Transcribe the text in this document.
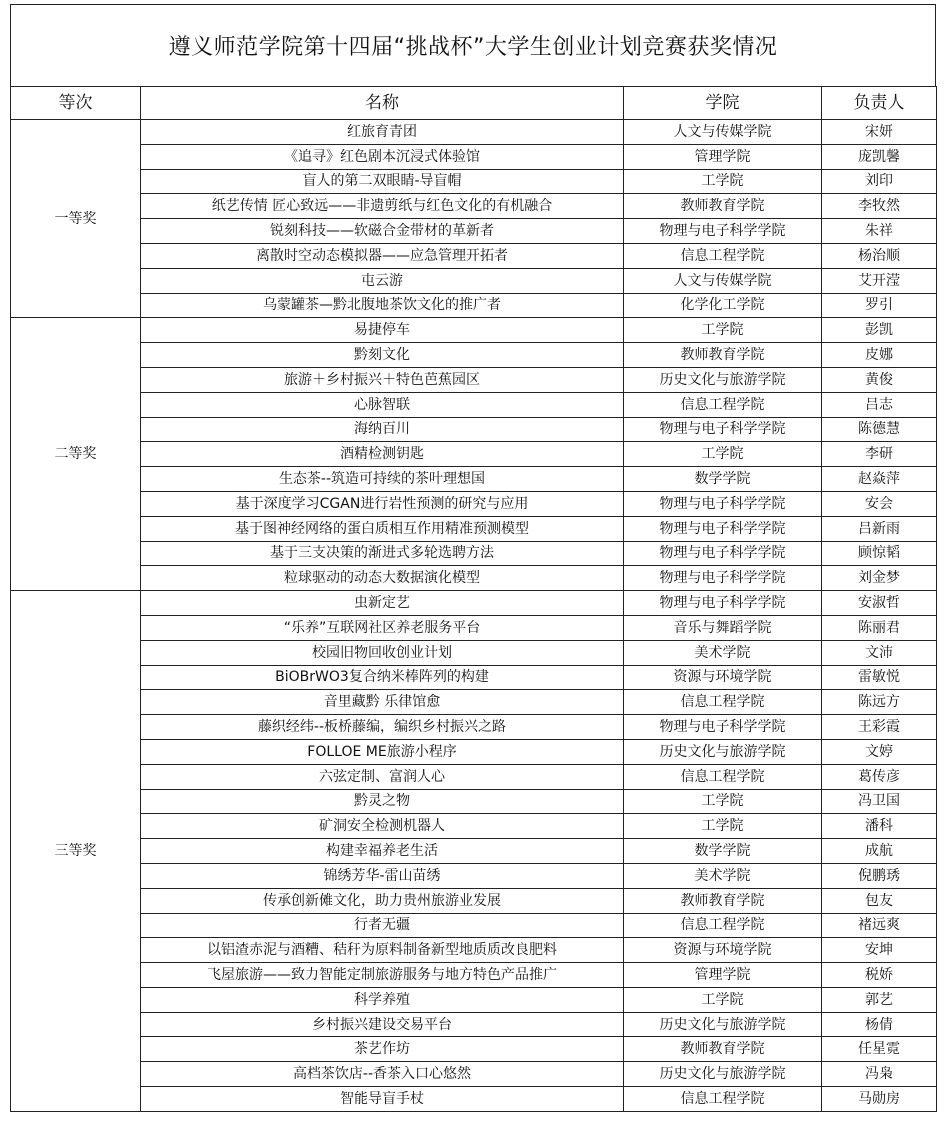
遵义师范学院第十四届“挑战杯”大学生创业计划竞赛获奖情况
等次	名称	学院	负责人
一等奖	红旅育青团	人文与传媒学院	宋妍
	《追寻》红色剧本沉浸式体验馆	管理学院	庞凯馨
	盲人的第二双眼睛-导盲帽	工学院	刘印
	纸艺传情 匠心致远——非遗剪纸与红色文化的有机融合	教师教育学院	李牧然
	锐刻科技——软磁合金带材的革新者	物理与电子科学学院	朱祥
	离散时空动态模拟器——应急管理开拓者	信息工程学院	杨治顺
	屯云游	人文与传媒学院	艾开滢
	乌蒙罐茶—黔北腹地茶饮文化的推广者	化学化工学院	罗引
二等奖	易捷停车	工学院	彭凯
	黔刻文化	教师教育学院	皮娜
	旅游＋乡村振兴＋特色芭蕉园区	历史文化与旅游学院	黄俊
	心脉智联	信息工程学院	吕志
	海纳百川	物理与电子科学学院	陈德慧
	酒精检测钥匙	工学院	李研
	生态茶--筑造可持续的茶叶理想国	数学学院	赵焱萍
	基于深度学习CGAN进行岩性预测的研究与应用	物理与电子科学学院	安会
	基于图神经网络的蛋白质相互作用精准预测模型	物理与电子科学学院	吕新雨
	基于三支决策的渐进式多轮选聘方法	物理与电子科学学院	顾惊韬
	粒球驱动的动态大数据演化模型	物理与电子科学学院	刘金梦
三等奖	虫新定艺	物理与电子科学学院	安淑哲
	“乐养”互联网社区养老服务平台	音乐与舞蹈学院	陈丽君
	校园旧物回收创业计划	美术学院	文沛
	BiOBrWO3复合纳米棒阵列的构建	资源与环境学院	雷敏悦
	音里藏黔 乐律馆愈	信息工程学院	陈远方
	藤织经纬--板桥藤编，编织乡村振兴之路	物理与电子科学学院	王彩霞
	FOLLOE ME旅游小程序	历史文化与旅游学院	文婷
	六弦定制、富润人心	信息工程学院	葛传彦
	黔灵之物	工学院	冯卫国
	矿洞安全检测机器人	工学院	潘科
	构建幸福养老生活	数学学院	成航
	锦绣芳华-雷山苗绣	美术学院	倪鹏琇
	传承创新傩文化，助力贵州旅游业发展	教师教育学院	包友
	行者无疆	信息工程学院	褚远爽
	以铝渣赤泥与酒糟、秸秆为原料制备新型地质质改良肥料	资源与环境学院	安坤
	飞屋旅游——致力智能定制旅游服务与地方特色产品推广	管理学院	税娇
	科学养殖	工学院	郭艺
	乡村振兴建设交易平台	历史文化与旅游学院	杨倩
	茶艺作坊	教师教育学院	任星霓
	高档茶饮店--香茶入口心悠然	历史文化与旅游学院	冯枭
	智能导盲手杖	信息工程学院	马勋房
